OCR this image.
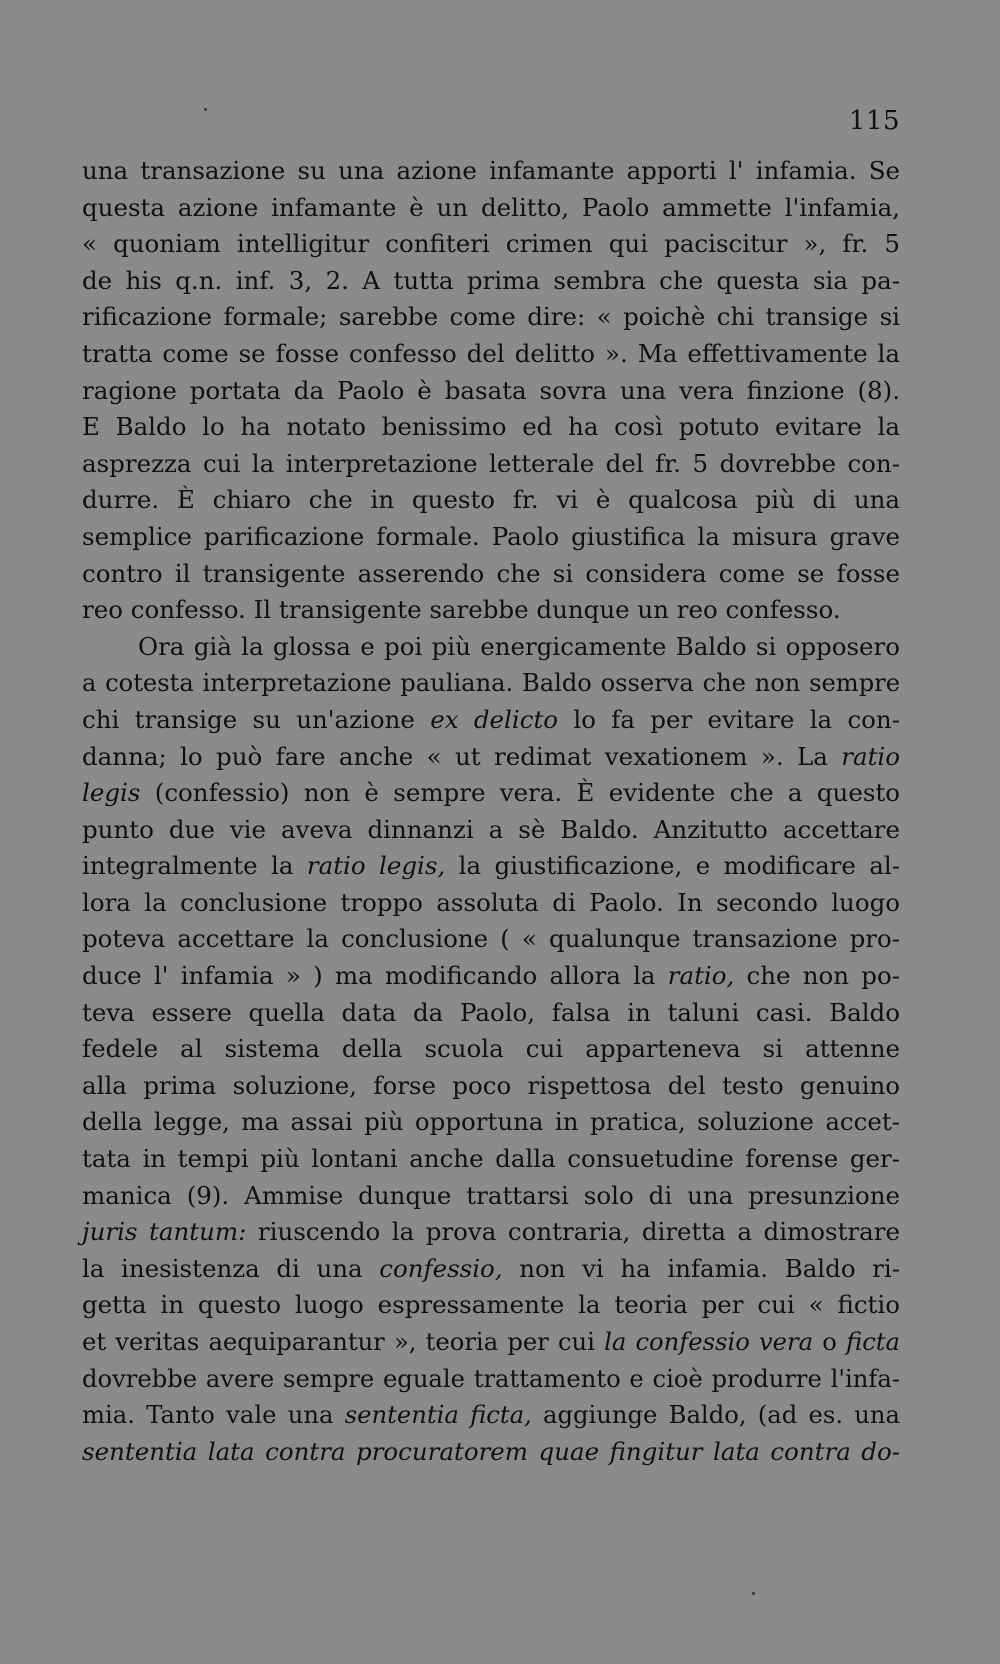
115
una transazione su una azione infamante apporti l' infamia. Se
questa azione infamante è un delitto, Paolo ammette l'infamia,
« quoniam intelligitur confiteri crimen qui paciscitur », fr. 5
de his q.n. inf. 3, 2. A tutta prima sembra che questa sia pa-
rificazione formale; sarebbe come dire: « poichè chi transige si
tratta come se fosse confesso del delitto ». Ma effettivamente la
ragione portata da Paolo è basata sovra una vera finzione (8).
E Baldo lo ha notato benissimo ed ha così potuto evitare la
asprezza cui la interpretazione letterale del fr. 5 dovrebbe con-
durre. È chiaro che in questo fr. vi è qualcosa più di una
semplice parificazione formale. Paolo giustifica la misura grave
contro il transigente asserendo che si considera come se fosse
reo confesso. Il transigente sarebbe dunque un reo confesso.
Ora già la glossa e poi più energicamente Baldo si opposero
a cotesta interpretazione pauliana. Baldo osserva che non sempre
chi transige su un'azione ex delicto lo fa per evitare la con-
danna; lo può fare anche « ut redimat vexationem ». La ratio
legis (confessio) non è sempre vera. È evidente che a questo
punto due vie aveva dinnanzi a sè Baldo. Anzitutto accettare
integralmente la ratio legis, la giustificazione, e modificare al-
lora la conclusione troppo assoluta di Paolo. In secondo luogo
poteva accettare la conclusione ( « qualunque transazione pro-
duce l' infamia » ) ma modificando allora la ratio, che non po-
teva essere quella data da Paolo, falsa in taluni casi. Baldo
fedele al sistema della scuola cui apparteneva si attenne
alla prima soluzione, forse poco rispettosa del testo genuino
della legge, ma assai più opportuna in pratica, soluzione accet-
tata in tempi più lontani anche dalla consuetudine forense ger-
manica (9). Ammise dunque trattarsi solo di una presunzione
juris tantum: riuscendo la prova contraria, diretta a dimostrare
la inesistenza di una confessio, non vi ha infamia. Baldo ri-
getta in questo luogo espressamente la teoria per cui « fictio
et veritas aequiparantur », teoria per cui la confessio vera o ficta
dovrebbe avere sempre eguale trattamento e cioè produrre l'infa-
mia. Tanto vale una sententia ficta, aggiunge Baldo, (ad es. una
sententia lata contra procuratorem quae fingitur lata contra do-
